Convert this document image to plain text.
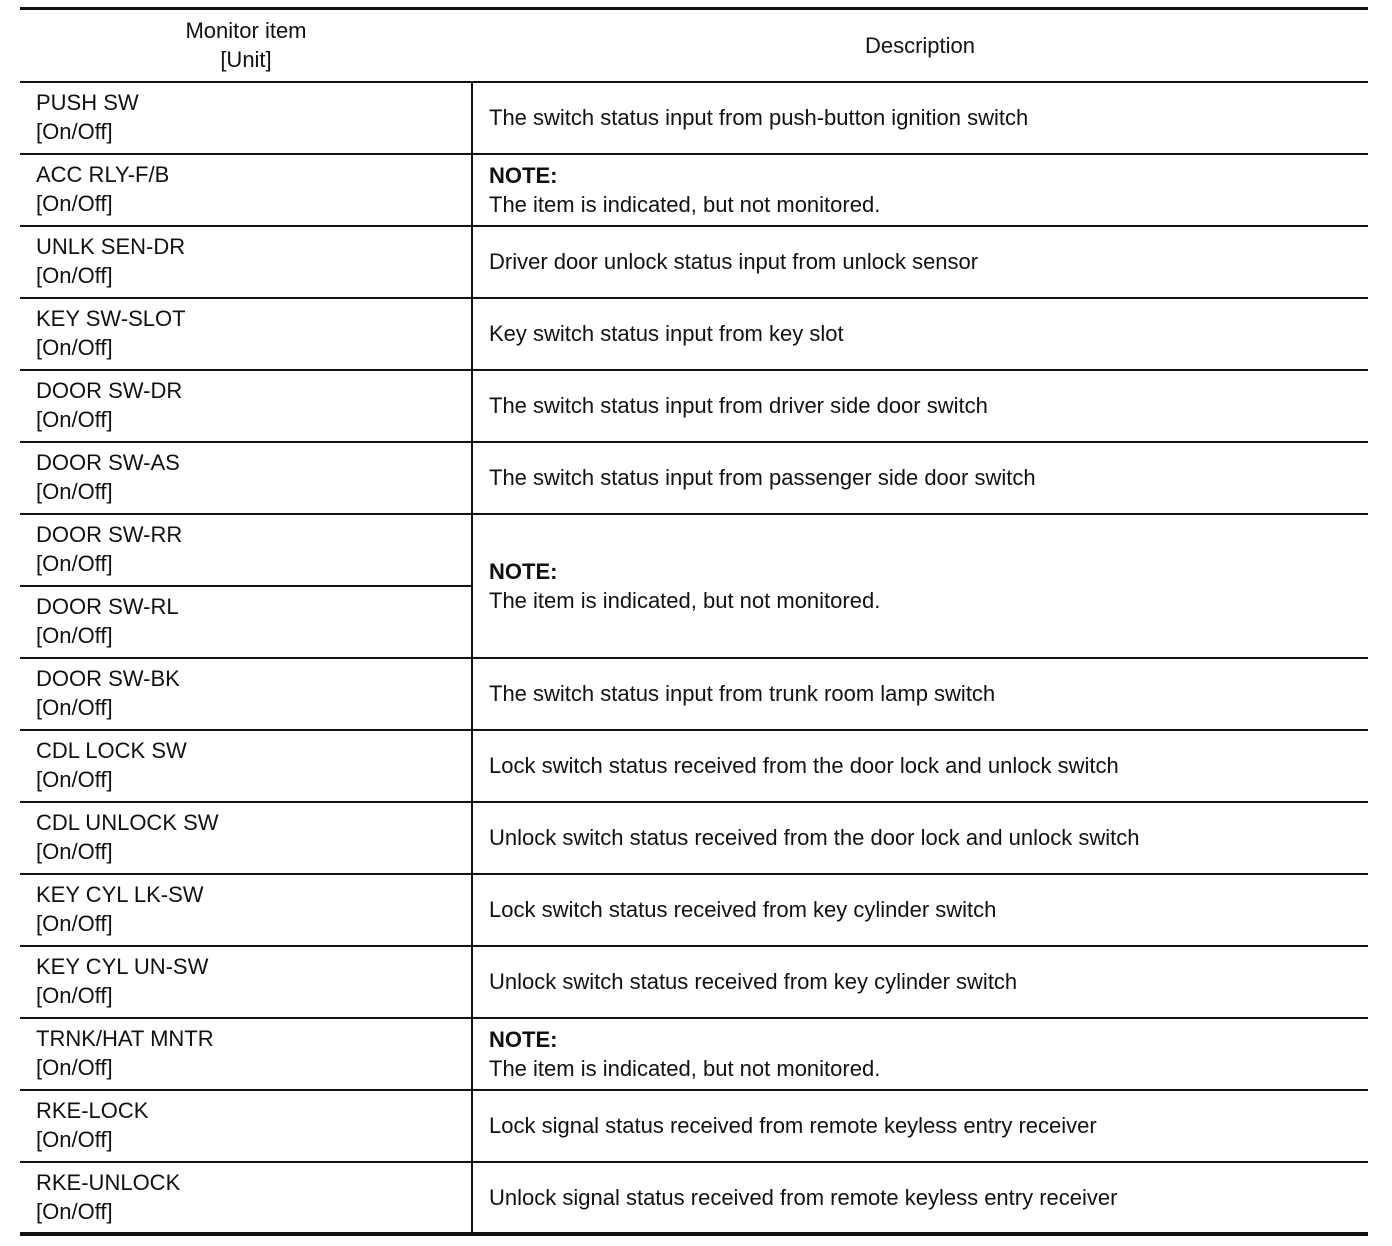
Monitor item
[Unit]	Description

PUSH SW
[On/Off]	The switch status input from push-button ignition switch

ACC RLY-F/B
[On/Off]	NOTE:
The item is indicated, but not monitored.

UNLK SEN-DR
[On/Off]	Driver door unlock status input from unlock sensor

KEY SW-SLOT
[On/Off]	Key switch status input from key slot

DOOR SW-DR
[On/Off]	The switch status input from driver side door switch

DOOR SW-AS
[On/Off]	The switch status input from passenger side door switch

DOOR SW-RR
[On/Off]	NOTE:
The item is indicated, but not monitored.

DOOR SW-RL
[On/Off]	

DOOR SW-BK
[On/Off]	The switch status input from trunk room lamp switch

CDL LOCK SW
[On/Off]	Lock switch status received from the door lock and unlock switch

CDL UNLOCK SW
[On/Off]	Unlock switch status received from the door lock and unlock switch

KEY CYL LK-SW
[On/Off]	Lock switch status received from key cylinder switch

KEY CYL UN-SW
[On/Off]	Unlock switch status received from key cylinder switch

TRNK/HAT MNTR
[On/Off]	NOTE:
The item is indicated, but not monitored.

RKE-LOCK
[On/Off]	Lock signal status received from remote keyless entry receiver

RKE-UNLOCK
[On/Off]	Unlock signal status received from remote keyless entry receiver
